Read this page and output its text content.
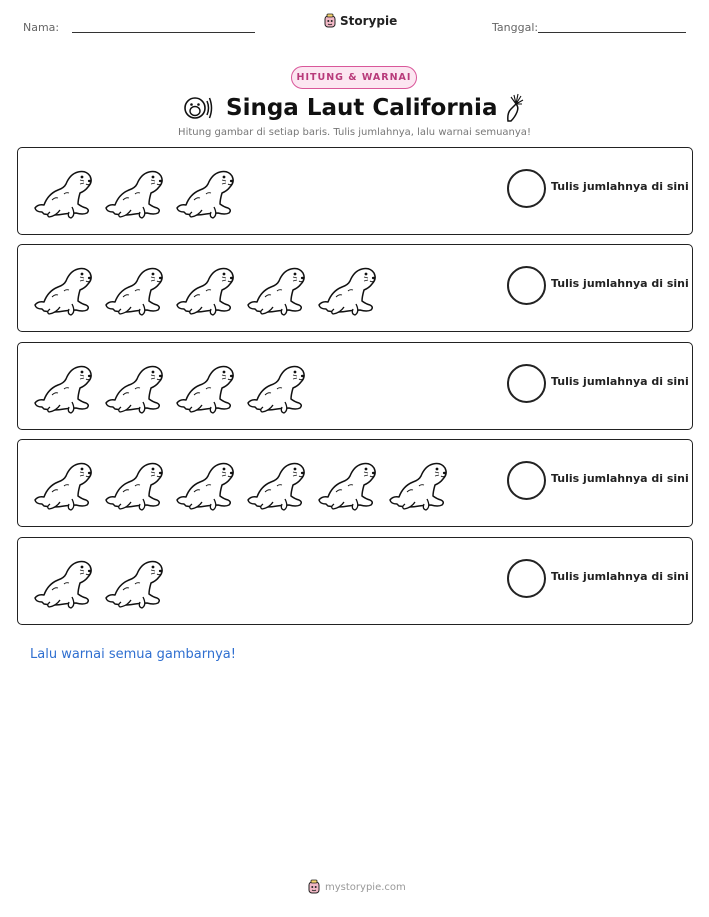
Nama:	Storypie	Tanggal:
HITUNG & WARNAI
Singa Laut California
Hitung gambar di setiap baris. Tulis jumlahnya, lalu warnai semuanya!
Tulis jumlahnya di sini
Tulis jumlahnya di sini
Tulis jumlahnya di sini
Tulis jumlahnya di sini
Tulis jumlahnya di sini
Lalu warnai semua gambarnya!
mystorypie.com
